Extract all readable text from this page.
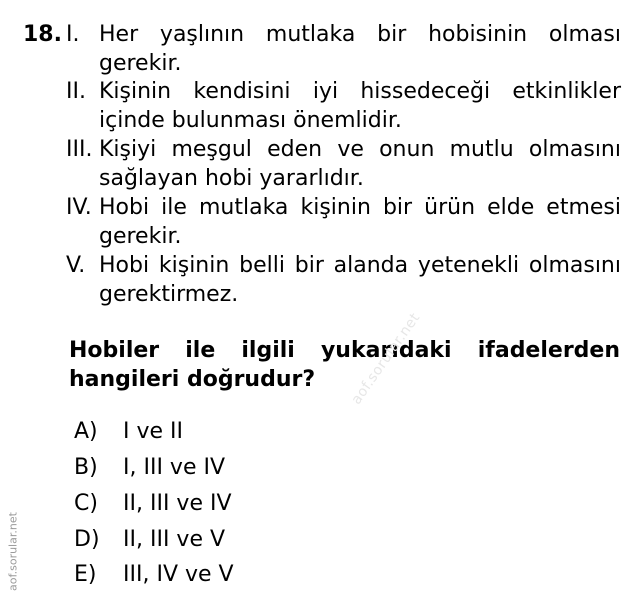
18. I. Her yaşlının mutlaka bir hobisinin olması gerekir.
II. Kişinin kendisini iyi hissedeceği etkinlikler içinde bulunması önemlidir.
III. Kişiyi meşgul eden ve onun mutlu olmasını sağlayan hobi yararlıdır.
IV. Hobi ile mutlaka kişinin bir ürün elde etmesi gerekir.
V. Hobi kişinin belli bir alanda yetenekli olmasını gerektirmez.
Hobiler ile ilgili yukarıdaki ifadelerden hangileri doğrudur?
A) I ve II
B) I, III ve IV
C) II, III ve IV
D) II, III ve V
E) III, IV ve V
aof.sorular.net
aof.sorular.net
